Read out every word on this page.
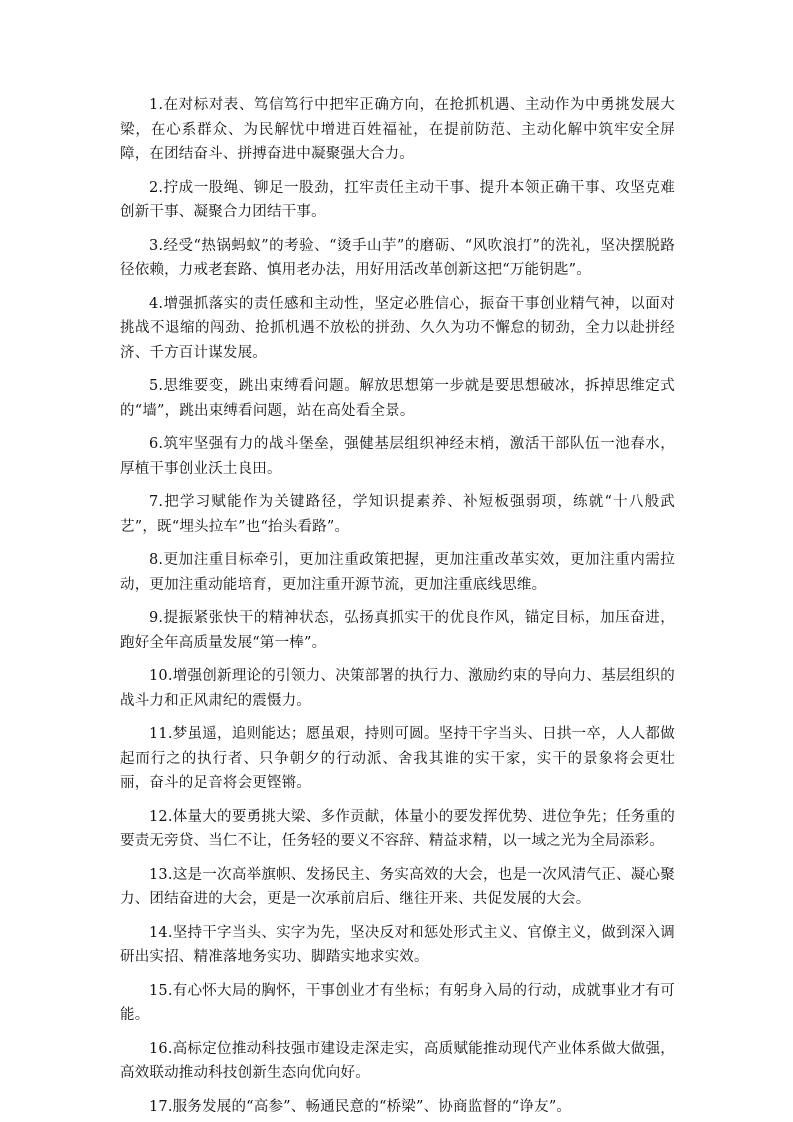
1.在对标对表、笃信笃行中把牢正确方向，在抢抓机遇、主动作为中勇挑发展大梁，在心系群众、为民解忧中增进百姓福祉，在提前防范、主动化解中筑牢安全屏障，在团结奋斗、拼搏奋进中凝聚强大合力。

2.拧成一股绳、铆足一股劲，扛牢责任主动干事、提升本领正确干事、攻坚克难创新干事、凝聚合力团结干事。

3.经受“热锅蚂蚁”的考验、“烫手山芋”的磨砺、“风吹浪打”的洗礼，坚决摆脱路径依赖，力戒老套路、慎用老办法，用好用活改革创新这把“万能钥匙”。

4.增强抓落实的责任感和主动性，坚定必胜信心，振奋干事创业精气神，以面对挑战不退缩的闯劲、抢抓机遇不放松的拼劲、久久为功不懈怠的韧劲，全力以赴拼经济、千方百计谋发展。

5.思维要变，跳出束缚看问题。解放思想第一步就是要思想破冰，拆掉思维定式的“墙”，跳出束缚看问题，站在高处看全景。

6.筑牢坚强有力的战斗堡垒，强健基层组织神经末梢，激活干部队伍一池春水，厚植干事创业沃土良田。

7.把学习赋能作为关键路径，学知识提素养、补短板强弱项，练就“十八般武艺”，既“埋头拉车”也“抬头看路”。

8.更加注重目标牵引，更加注重政策把握，更加注重改革实效，更加注重内需拉动，更加注重动能培育，更加注重开源节流，更加注重底线思维。

9.提振紧张快干的精神状态，弘扬真抓实干的优良作风，锚定目标，加压奋进，跑好全年高质量发展“第一棒”。

10.增强创新理论的引领力、决策部署的执行力、激励约束的导向力、基层组织的战斗力和正风肃纪的震慑力。

11.梦虽遥，追则能达；愿虽艰，持则可圆。坚持干字当头、日拱一卒，人人都做起而行之的执行者、只争朝夕的行动派、舍我其谁的实干家，实干的景象将会更壮丽，奋斗的足音将会更铿锵。

12.体量大的要勇挑大梁、多作贡献，体量小的要发挥优势、进位争先；任务重的要责无旁贷、当仁不让，任务轻的要义不容辞、精益求精，以一域之光为全局添彩。

13.这是一次高举旗帜、发扬民主、务实高效的大会，也是一次风清气正、凝心聚力、团结奋进的大会，更是一次承前启后、继往开来、共促发展的大会。

14.坚持干字当头、实字为先，坚决反对和惩处形式主义、官僚主义，做到深入调研出实招、精准落地务实功、脚踏实地求实效。

15.有心怀大局的胸怀，干事创业才有坐标；有躬身入局的行动，成就事业才有可能。

16.高标定位推动科技强市建设走深走实，高质赋能推动现代产业体系做大做强，高效联动推动科技创新生态向优向好。

17.服务发展的“高参”、畅通民意的“桥梁”、协商监督的“诤友”。
